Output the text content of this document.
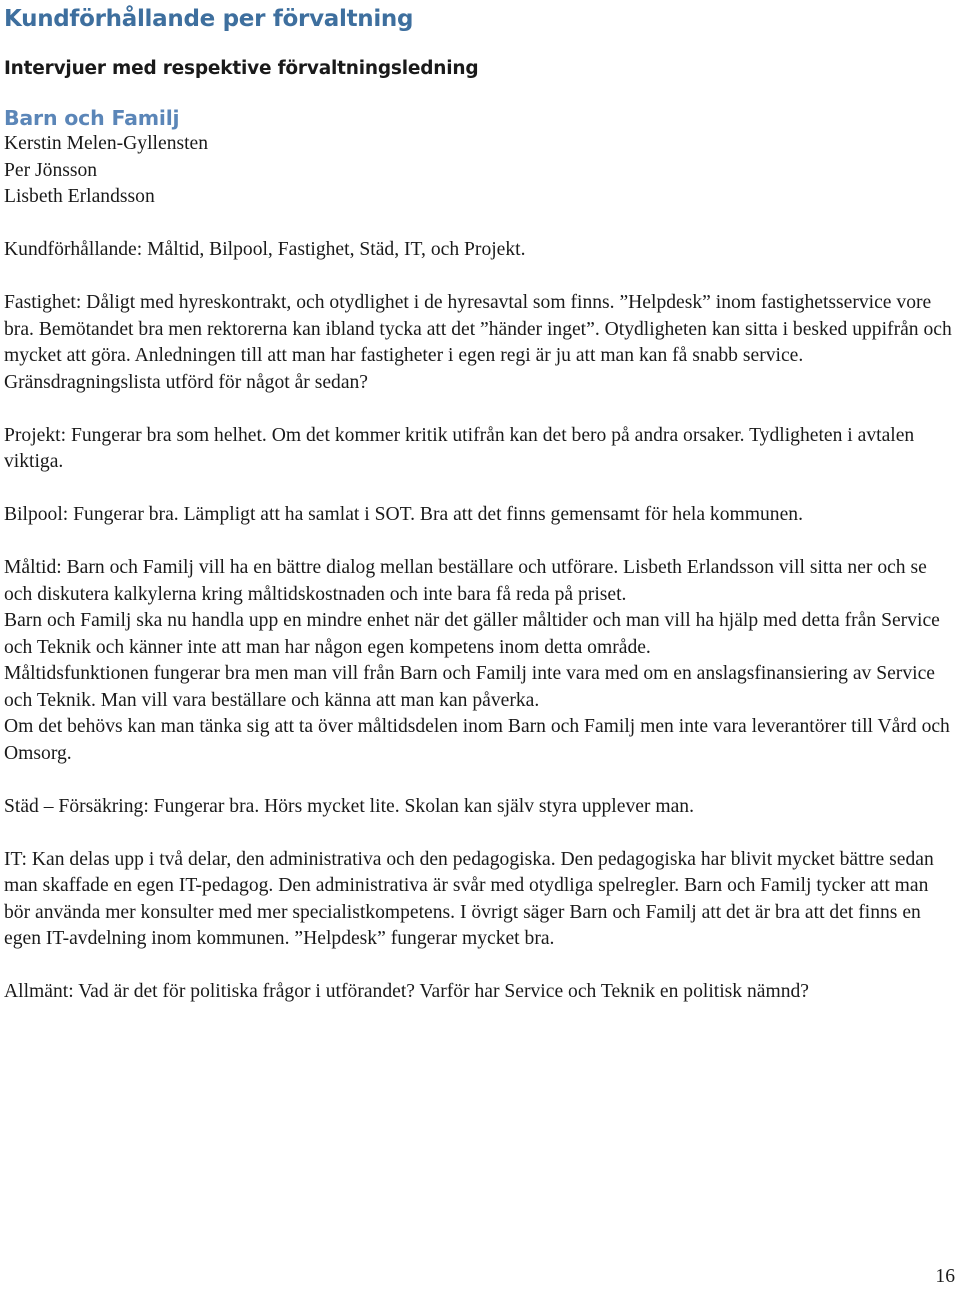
Kundförhållande per förvaltning
Intervjuer med respektive förvaltningsledning
Barn och Familj
Kerstin Melen-Gyllensten
Per Jönsson
Lisbeth Erlandsson

Kundförhållande: Måltid, Bilpool, Fastighet, Städ, IT, och Projekt.

Fastighet: Dåligt med hyreskontrakt, och otydlighet i de hyresavtal som finns. ”Helpdesk” inom fastighetsservice vore bra. Bemötandet bra men rektorerna kan ibland tycka att det ”händer inget”. Otydligheten kan sitta i besked uppifrån och mycket att göra. Anledningen till att man har fastigheter i egen regi är ju att man kan få snabb service. Gränsdragningslista utförd för något år sedan?

Projekt: Fungerar bra som helhet. Om det kommer kritik utifrån kan det bero på andra orsaker. Tydligheten i avtalen viktiga.

Bilpool: Fungerar bra. Lämpligt att ha samlat i SOT. Bra att det finns gemensamt för hela kommunen.

Måltid: Barn och Familj vill ha en bättre dialog mellan beställare och utförare. Lisbeth Erlandsson vill sitta ner och se och diskutera kalkylerna kring måltidskostnaden och inte bara få reda på priset.

Barn och Familj ska nu handla upp en mindre enhet när det gäller måltider och man vill ha hjälp med detta från Service och Teknik och känner inte att man har någon egen kompetens inom detta område.

Måltidsfunktionen fungerar bra men man vill från Barn och Familj inte vara med om en anslagsfinansiering av Service och Teknik. Man vill vara beställare och känna att man kan påverka.

Om det behövs kan man tänka sig att ta över måltidsdelen inom Barn och Familj men inte vara leverantörer till Vård och Omsorg.

Städ – Försäkring: Fungerar bra. Hörs mycket lite. Skolan kan själv styra upplever man.

IT: Kan delas upp i två delar, den administrativa och den pedagogiska. Den pedagogiska har blivit mycket bättre sedan man skaffade en egen IT-pedagog. Den administrativa är svår med otydliga spelregler. Barn och Familj tycker att man bör använda mer konsulter med mer specialistkompetens. I övrigt säger Barn och Familj att det är bra att det finns en egen IT-avdelning inom kommunen. ”Helpdesk” fungerar mycket bra.

Allmänt: Vad är det för politiska frågor i utförandet? Varför har Service och Teknik en politisk nämnd?

16
